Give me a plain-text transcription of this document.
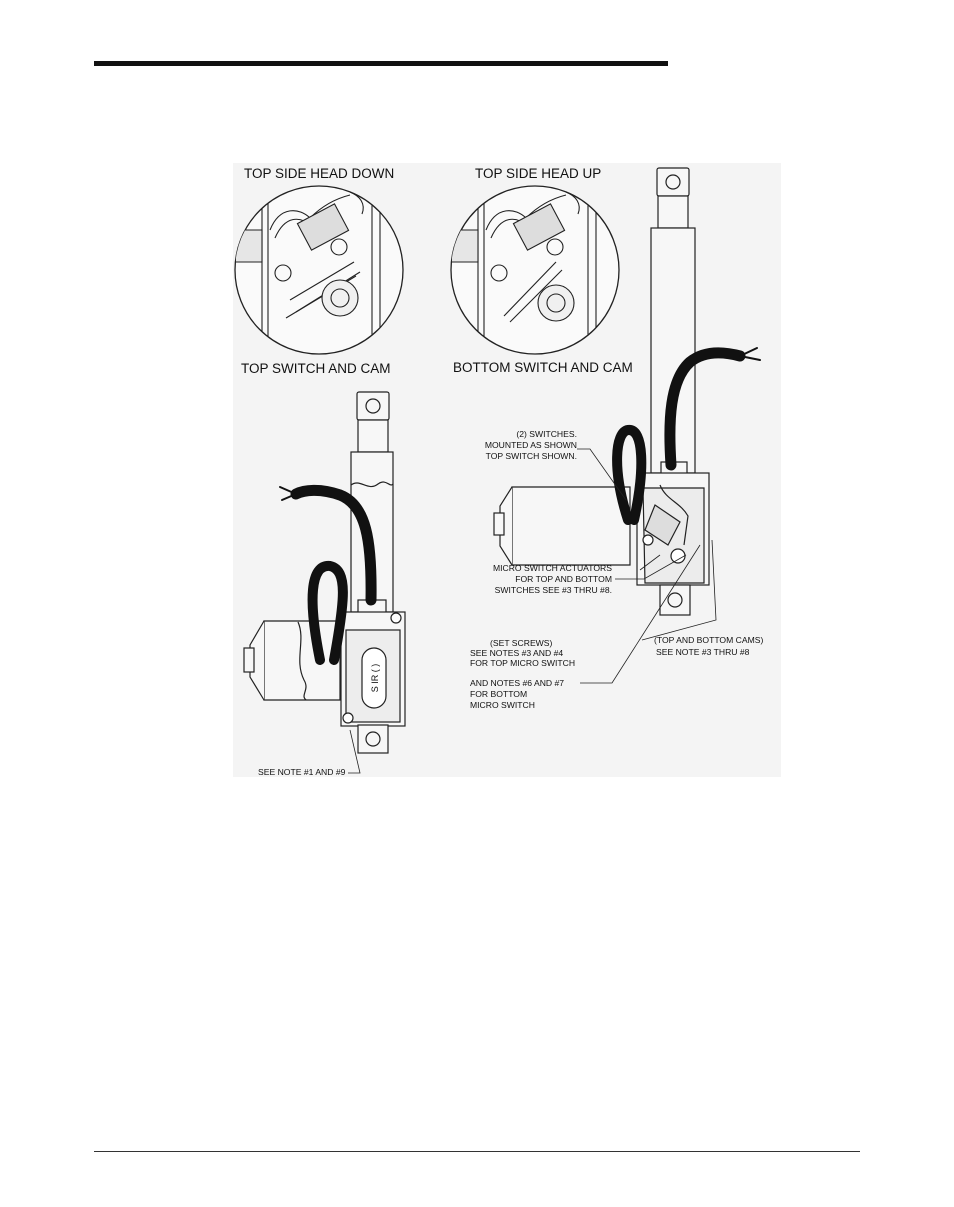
S IR ( )
TOP SIDE HEAD DOWN	TOP SIDE HEAD UP
TOP SWITCH AND CAM	BOTTOM SWITCH AND CAM
(2) SWITCHES.
MOUNTED AS SHOWN
TOP SWITCH SHOWN.
MICRO SWITCH ACTUATORS
FOR TOP AND BOTTOM
SWITCHES SEE #3 THRU #8.
(SET SCREWS)
SEE NOTES #3 AND #4
FOR TOP MICRO SWITCH
AND NOTES #6 AND #7
FOR BOTTOM
MICRO SWITCH
(TOP AND BOTTOM CAMS)
SEE NOTE #3 THRU #8
SEE NOTE #1 AND #9
